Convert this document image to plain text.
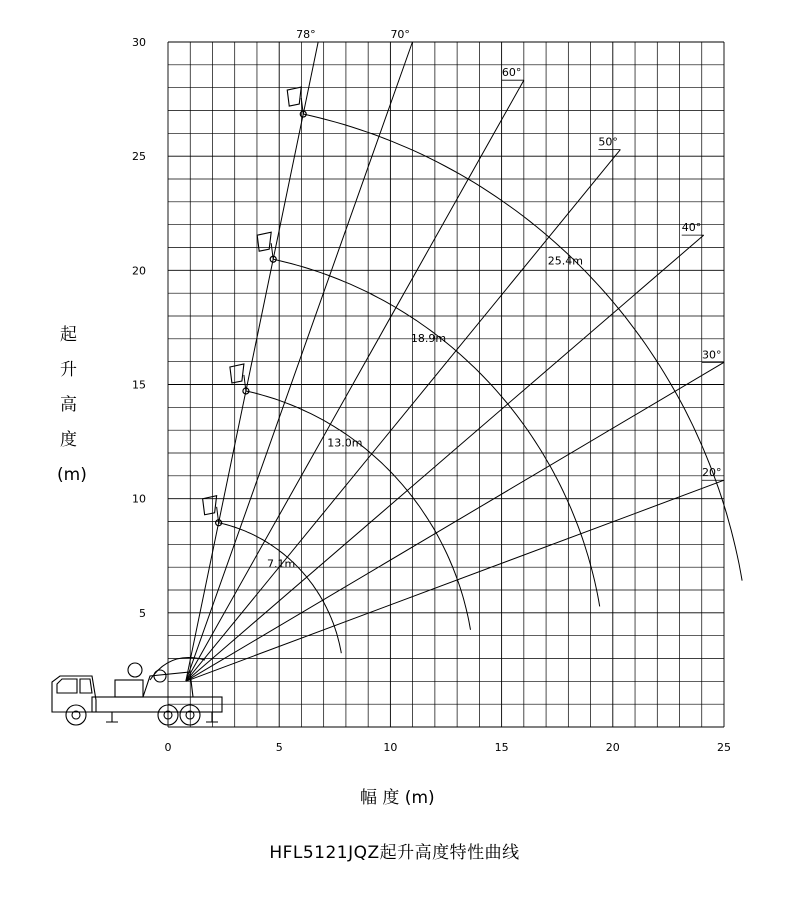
78°	70°
60°
50°
40°
30°
20°
7.1m
13.0m
18.9m
25.4m
0	5	10	15	20	25
5
10
15
20
25
30
起
升
高
度
(m)
幅 度 (m)
HFL5121JQZ起升高度特性曲线
